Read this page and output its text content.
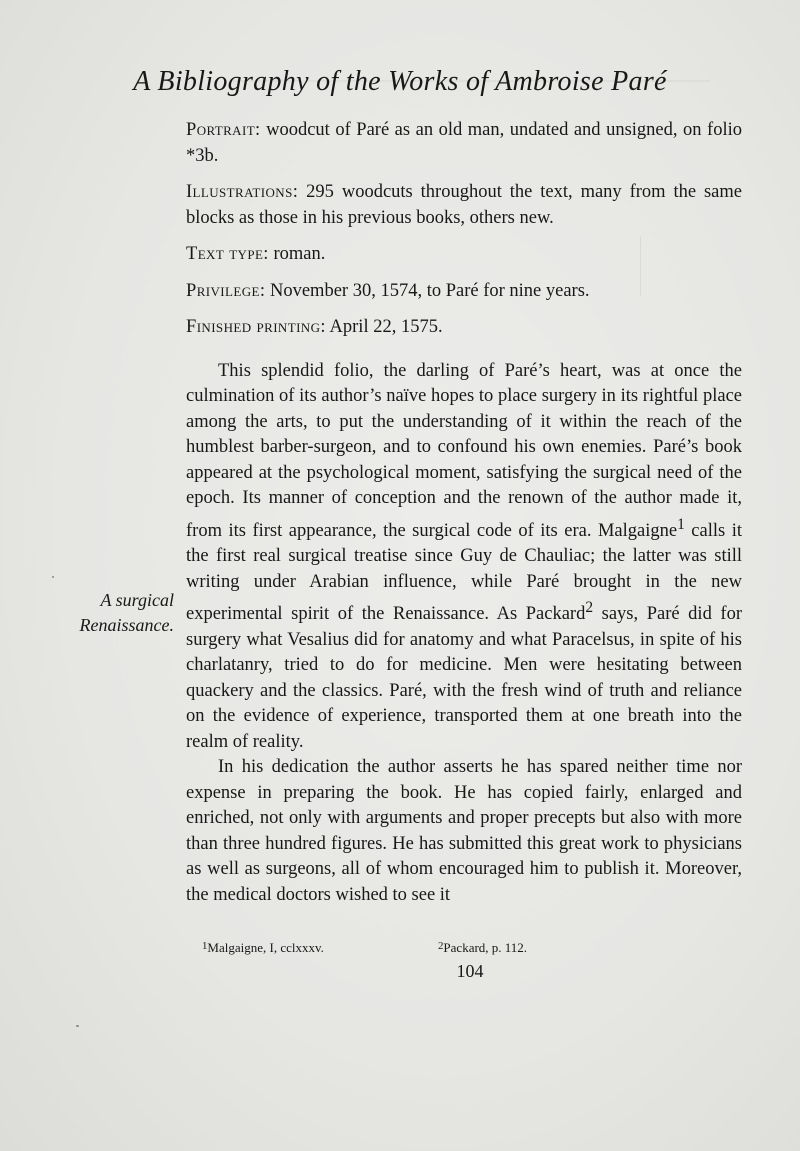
A Bibliography of the Works of Ambroise Paré

Portrait: woodcut of Paré as an old man, undated and unsigned, on folio *3b.

Illustrations: 295 woodcuts throughout the text, many from the same blocks as those in his previous books, others new.

Text type: roman.

Privilege: November 30, 1574, to Paré for nine years.

Finished printing: April 22, 1575.

This splendid folio, the darling of Paré’s heart, was at once the culmination of its author’s naïve hopes to place surgery in its rightful place among the arts, to put the understanding of it within the reach of the humblest barber-surgeon, and to confound his own enemies. Paré’s book appeared at the psychological moment, satisfying the surgical need of the epoch. Its manner of conception and the renown of the author made it, from its first appearance, the surgical code of its era. Malgaigne$^1$ calls it the first real surgical treatise since Guy de Chauliac; the latter was still writing under Arabian influence, while Paré brought in the new experimental spirit of the Renaissance. As Packard$^2$ says, Paré did for surgery what Vesalius did for anatomy and what Paracelsus, in spite of his charlatanry, tried to do for medicine. Men were hesitating between quackery and the classics. Paré, with the fresh wind of truth and reliance on the evidence of experience, transported them at one breath into the realm of reality.

In his dedication the author asserts he has spared neither time nor expense in preparing the book. He has copied fairly, enlarged and enriched, not only with arguments and proper precepts but also with more than three hundred figures. He has submitted this great work to physicians as well as surgeons, all of whom encouraged him to publish it. Moreover, the medical doctors wished to see it

A surgical
Renaissance.
$^1$ Malgaigne, I, cclxxxv.	$^2$ Packard, p. 112.
104
